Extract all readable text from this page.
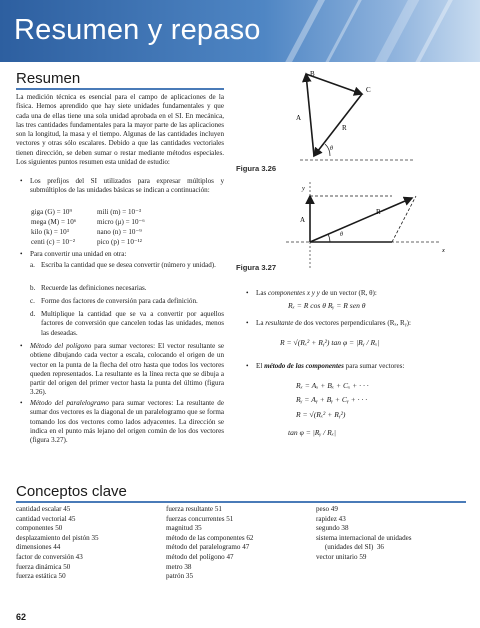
Resumen y repaso
Resumen
La medición técnica es esencial para el campo de aplicaciones de la física. Hemos aprendido que hay siete unidades fundamentales y que cada una de ellas tiene una sola unidad aprobada en el SI. En mecánica, las tres cantidades fundamentales para la mayor parte de las aplicaciones son la longitud, la masa y el tiempo. Algunas de las cantidades incluyen vectores y otras sólo escalares. Debido a que las cantidades vectoriales tienen dirección, se deben sumar o restar mediante métodos especiales. Los siguientes puntos resumen esta unidad de estudio:
• Los prefijos del SI utilizados para expresar múltiplos y submúltiplos de las unidades básicas se indican a continuación:
giga (G) = 10⁹	mili (m) = 10⁻³
mega (M) = 10⁶	micro (μ) = 10⁻⁶
kilo (k) = 10³	nano (n) = 10⁻⁹
centi (c) = 10⁻²	pico (p) = 10⁻¹²
• Para convertir una unidad en otra:
a. Escriba la cantidad que se desea convertir (número y unidad).
b. Recuerde las definiciones necesarias.
c. Forme dos factores de conversión para cada definición.
d. Multiplique la cantidad que se va a convertir por aquellos factores de conversión que cancelen todas las unidades, menos las deseadas.
• Método del polígono para sumar vectores: El vector resultante se obtiene dibujando cada vector a escala, colocando el origen de un vector en la punta de la flecha del otro hasta que todos los vectores queden representados. La resultante es la línea recta que se dibuja a partir del origen del primer vector hasta la punta del último (figura 3.26).
• Método del paralelogramo para sumar vectores: La resultante de sumar dos vectores es la diagonal de un paralelogramo que se forma tomando los dos vectores como lados adyacentes. La dirección se indica en el punto más lejano del origen común de los dos vectores (figura 3.27).
A
B
C
R
θ
Figura 3.26
y
x
A
R
θ
Figura 3.27
• Las componentes x y y de un vector (R, θ):
Rₓ = R cos θ Rᵧ = R sen θ
• La resultante de dos vectores perpendiculares (Rₓ, Rᵧ):
R = √(Rₓ² + Rᵧ²) tan φ = |Rᵧ / Rₓ|
• El método de las componentes para sumar vectores:
Rₓ = Aₓ + Bₓ + Cₓ + · · ·
Rᵧ = Aᵧ + Bᵧ + Cᵧ + · · ·
R = √(Rₓ² + Rᵧ²)
tan φ = |Rᵧ / Rₓ|
Conceptos clave
cantidad escalar 45
cantidad vectorial 45
componentes 50
desplazamiento del pistón 35
dimensiones 44
factor de conversión 43
fuerza dinámica 50
fuerza estática 50
fuerza resultante 51
fuerzas concurrentes 51
magnitud 35
método de las componentes 62
método del paralelogramo 47
método del polígono 47
metro 38
patrón 35
peso 49
rapidez 43
segundo 38
sistema internacional de unidades
(unidades del SI)  36
vector unitario 59
62
